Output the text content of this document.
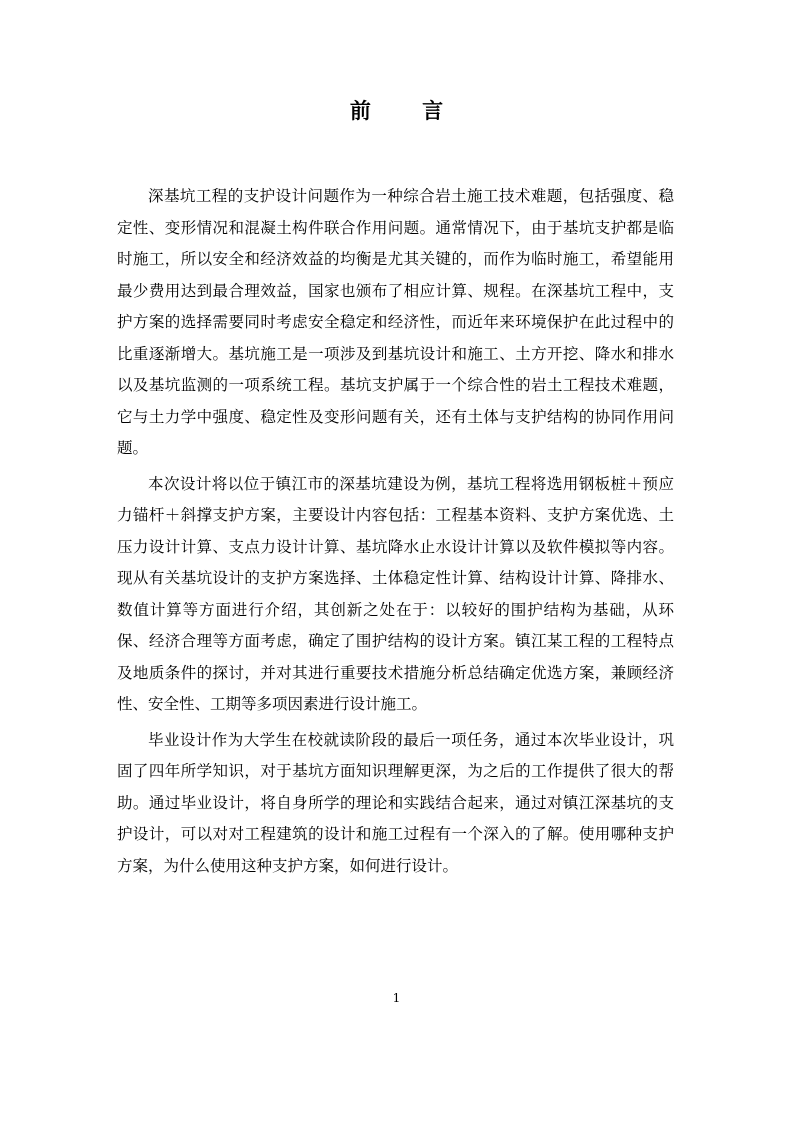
前 言

深基坑工程的支护设计问题作为一种综合岩土施工技术难题，包括强度、稳定性、变形情况和混凝土构件联合作用问题。通常情况下，由于基坑支护都是临时施工，所以安全和经济效益的均衡是尤其关键的，而作为临时施工，希望能用最少费用达到最合理效益，国家也颁布了相应计算、规程。在深基坑工程中，支护方案的选择需要同时考虑安全稳定和经济性，而近年来环境保护在此过程中的比重逐渐增大。基坑施工是一项涉及到基坑设计和施工、土方开挖、降水和排水以及基坑监测的一项系统工程。基坑支护属于一个综合性的岩土工程技术难题，它与土力学中强度、稳定性及变形问题有关，还有土体与支护结构的协同作用问题。

本次设计将以位于镇江市的深基坑建设为例，基坑工程将选用钢板桩＋预应力锚杆＋斜撑支护方案，主要设计内容包括：工程基本资料、支护方案优选、土压力设计计算、支点力设计计算、基坑降水止水设计计算以及软件模拟等内容。现从有关基坑设计的支护方案选择、土体稳定性计算、结构设计计算、降排水、数值计算等方面进行介绍，其创新之处在于：以较好的围护结构为基础，从环保、经济合理等方面考虑，确定了围护结构的设计方案。镇江某工程的工程特点及地质条件的探讨，并对其进行重要技术措施分析总结确定优选方案，兼顾经济性、安全性、工期等多项因素进行设计施工。

毕业设计作为大学生在校就读阶段的最后一项任务，通过本次毕业设计，巩固了四年所学知识，对于基坑方面知识理解更深，为之后的工作提供了很大的帮助。通过毕业设计，将自身所学的理论和实践结合起来，通过对镇江深基坑的支护设计，可以对对工程建筑的设计和施工过程有一个深入的了解。使用哪种支护方案，为什么使用这种支护方案，如何进行设计。

1
